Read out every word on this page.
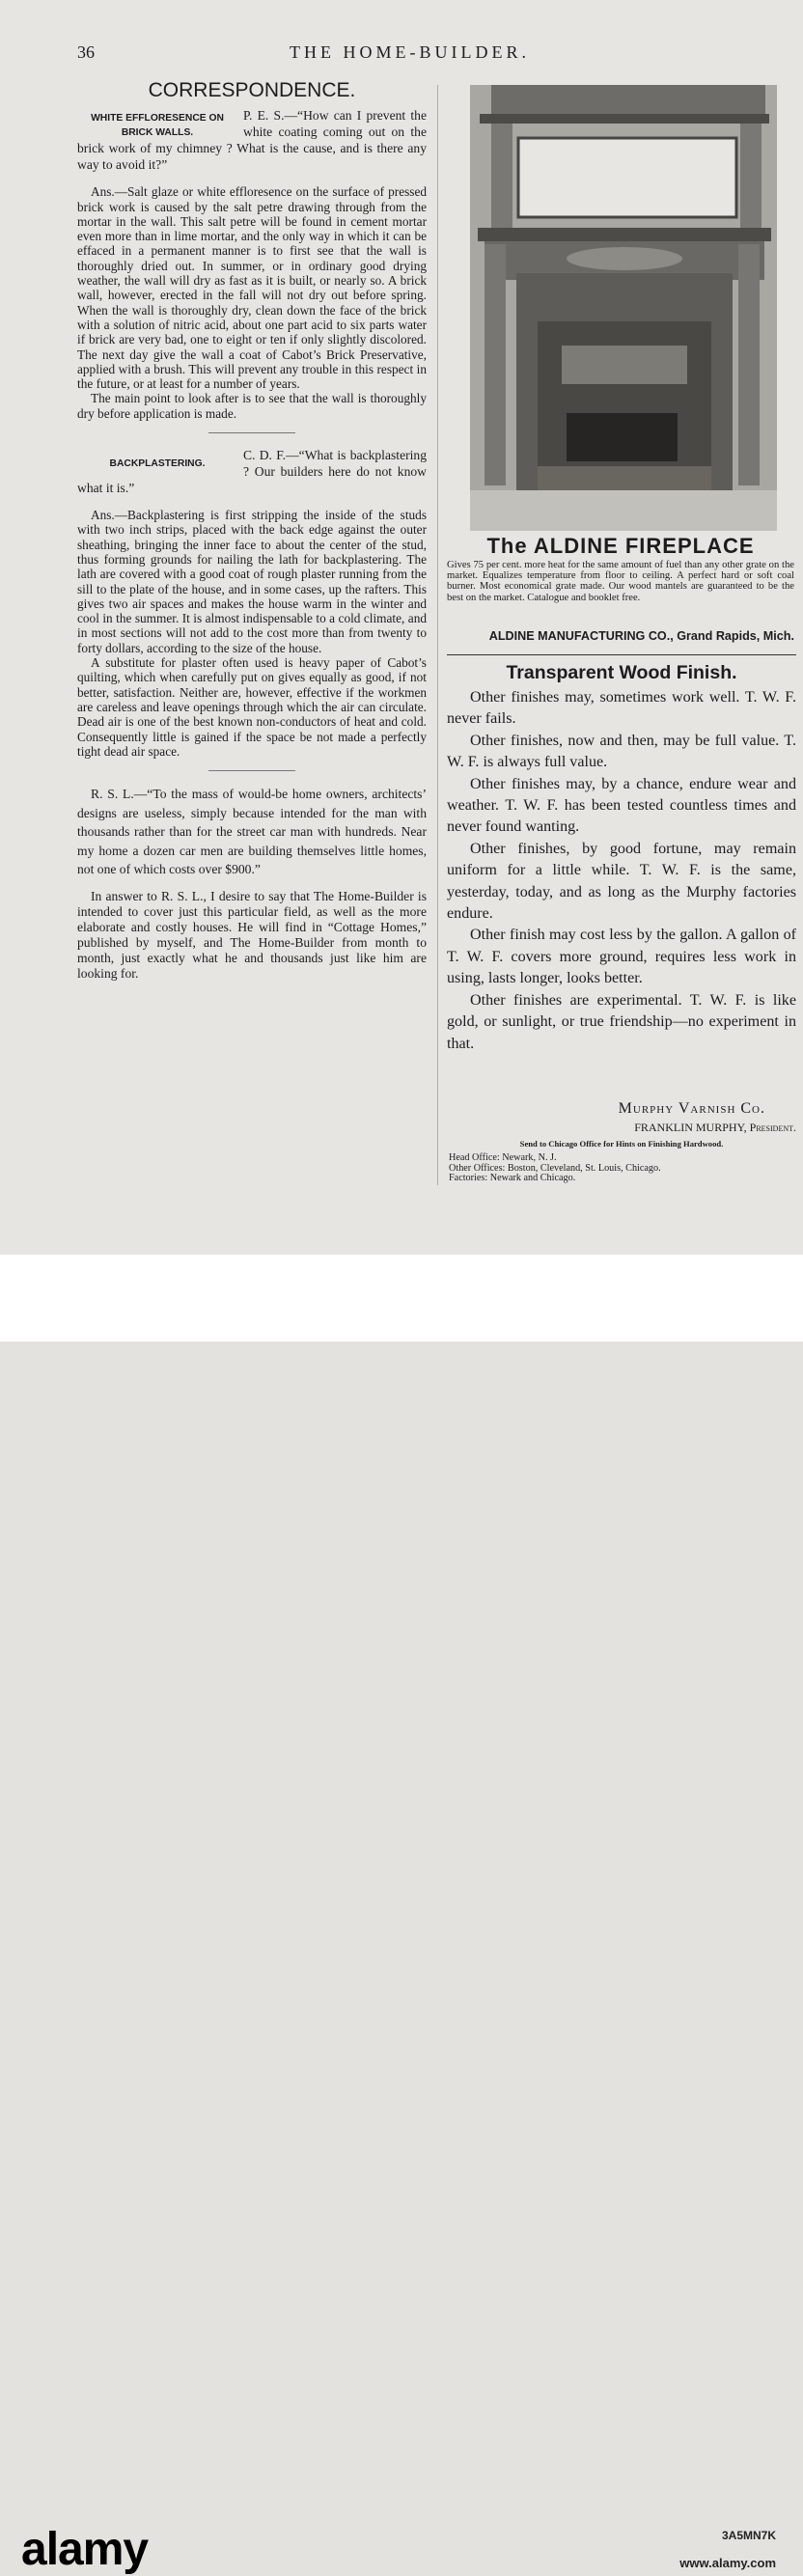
36	THE HOME-BUILDER.
CORRESPONDENCE.
WHITE EFFLORESENCE ON BRICK WALLS.

P. E. S.—“How can I prevent the white coating coming out on the brick work of my chimney ? What is the cause, and is there any way to avoid it?”

Ans.—Salt glaze or white effloresence on the surface of pressed brick work is caused by the salt petre drawing through from the mortar in the wall. This salt petre will be found in cement mortar even more than in lime mortar, and the only way in which it can be effaced in a permanent manner is to first see that the wall is thoroughly dried out. In summer, or in ordinary good drying weather, the wall will dry as fast as it is built, or nearly so. A brick wall, however, erected in the fall will not dry out before spring. When the wall is thoroughly dry, clean down the face of the brick with a solution of nitric acid, about one part acid to six parts water if brick are very bad, one to eight or ten if only slightly discolored. The next day give the wall a coat of Cabot’s Brick Preservative, applied with a brush. This will prevent any trouble in this respect in the future, or at least for a number of years.

The main point to look after is to see that the wall is thoroughly dry before application is made.

BACKPLASTERING.

C. D. F.—“What is backplastering ? Our builders here do not know what it is.”

Ans.—Backplastering is first stripping the inside of the studs with two inch strips, placed with the back edge against the outer sheathing, bringing the inner face to about the center of the stud, thus forming grounds for nailing the lath for backplastering. The lath are covered with a good coat of rough plaster running from the sill to the plate of the house, and in some cases, up the rafters. This gives two air spaces and makes the house warm in the winter and cool in the summer. It is almost indispensable to a cold climate, and in most sections will not add to the cost more than from twenty to forty dollars, according to the size of the house.

A substitute for plaster often used is heavy paper of Cabot’s quilting, which when carefully put on gives equally as good, if not better, satisfaction. Neither are, however, effective if the workmen are careless and leave openings through which the air can circulate. Dead air is one of the best known non-conductors of heat and cold. Consequently little is gained if the space be not made a perfectly tight dead air space.

R. S. L.—“To the mass of would-be home owners, architects’ designs are useless, simply because intended for the man with thousands rather than for the street car man with hundreds. Near my home a dozen car men are building themselves little homes, not one of which costs over $900.”

In answer to R. S. L., I desire to say that The Home-Builder is intended to cover just this particular field, as well as the more elaborate and costly houses. He will find in “Cottage Homes,” published by myself, and The Home-Builder from month to month, just exactly what he and thousands just like him are looking for.

The ALDINE FIREPLACE
Gives 75 per cent. more heat for the same amount of fuel than any other grate on the market. Equalizes temperature from floor to ceiling. A perfect hard or soft coal burner. Most economical grate made. Our wood mantels are guaranteed to be the best on the market. Catalogue and booklet free.
ALDINE MANUFACTURING CO., Grand Rapids, Mich.
Transparent Wood Finish.

Other finishes may, sometimes work well. T. W. F. never fails.

Other finishes, now and then, may be full value. T. W. F. is always full value.

Other finishes may, by a chance, endure wear and weather. T. W. F. has been tested countless times and never found wanting.

Other finishes, by good fortune, may remain uniform for a little while. T. W. F. is the same, yesterday, today, and as long as the Murphy factories endure.

Other finish may cost less by the gallon. A gallon of T. W. F. covers more ground, requires less work in using, lasts longer, looks better.

Other finishes are experimental. T. W. F. is like gold, or sunlight, or true friendship—no experiment in that.

Murphy Varnish Co.
FRANKLIN MURPHY, President.
Send to Chicago Office for Hints on Finishing Hardwood.
Head Office: Newark, N. J.
Other Offices: Boston, Cleveland, St. Louis, Chicago.
Factories: Newark and Chicago.
alamy	3A5MN7K
www.alamy.com
